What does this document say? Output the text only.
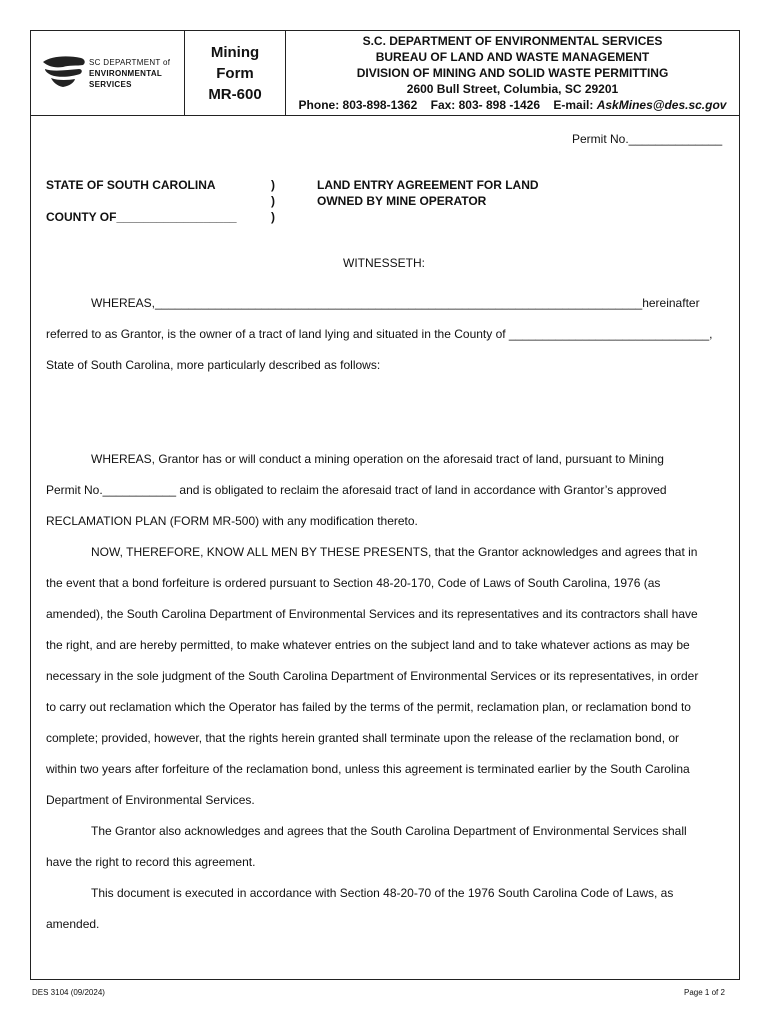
SC DEPARTMENT of
ENVIRONMENTAL
SERVICES
Mining
Form
MR-600
S.C. DEPARTMENT OF ENVIRONMENTAL SERVICES
BUREAU OF LAND AND WASTE MANAGEMENT
DIVISION OF MINING AND SOLID WASTE PERMITTING
2600 Bull Street, Columbia, SC 29201
Phone: 803-898-1362 Fax: 803- 898 -1426 E-mail: AskMines@des.sc.gov
Permit No.______________
STATE OF SOUTH CAROLINA
COUNTY OF__________________
)
)
)
LAND ENTRY AGREEMENT FOR LAND
OWNED BY MINE OPERATOR
WITNESSETH:
WHEREAS,_________________________________________________________________________hereinafter
referred to as Grantor, is the owner of a tract of land lying and situated in the County of ______________________________,
State of South Carolina, more particularly described as follows:
WHEREAS, Grantor has or will conduct a mining operation on the aforesaid tract of land, pursuant to Mining
Permit No.___________ and is obligated to reclaim the aforesaid tract of land in accordance with Grantor’s approved
RECLAMATION PLAN (FORM MR-500) with any modification thereto.
NOW, THEREFORE, KNOW ALL MEN BY THESE PRESENTS, that the Grantor acknowledges and agrees that in
the event that a bond forfeiture is ordered pursuant to Section 48-20-170, Code of Laws of South Carolina, 1976 (as
amended), the South Carolina Department of Environmental Services and its representatives and its contractors shall have
the right, and are hereby permitted, to make whatever entries on the subject land and to take whatever actions as may be
necessary in the sole judgment of the South Carolina Department of Environmental Services or its representatives, in order
to carry out reclamation which the Operator has failed by the terms of the permit, reclamation plan, or reclamation bond to
complete; provided, however, that the rights herein granted shall terminate upon the release of the reclamation bond, or
within two years after forfeiture of the reclamation bond, unless this agreement is terminated earlier by the South Carolina
Department of Environmental Services.
The Grantor also acknowledges and agrees that the South Carolina Department of Environmental Services shall
have the right to record this agreement.
This document is executed in accordance with Section 48-20-70 of the 1976 South Carolina Code of Laws, as
amended.
DES 3104 (09/2024)	Page 1 of 2
